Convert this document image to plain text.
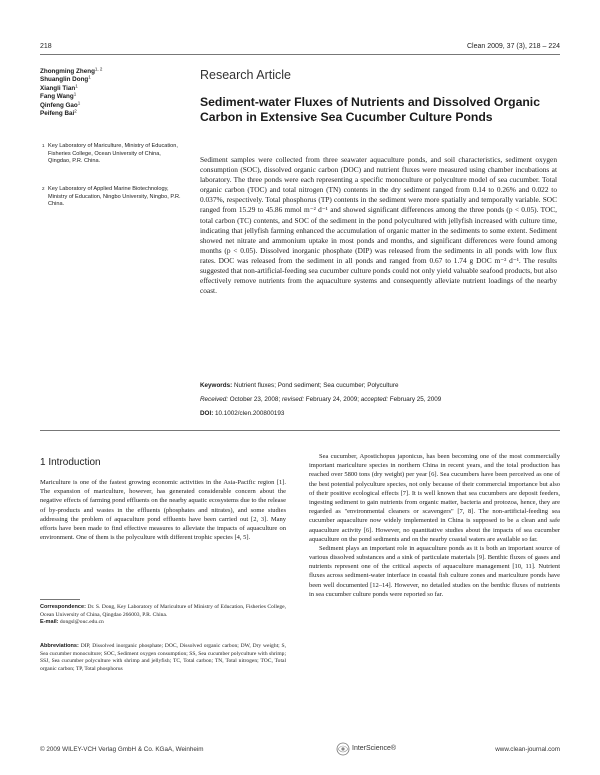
218	Clean 2009, 37 (3), 218 – 224
Zhongming Zheng$^{1, 2}$
Shuanglin Dong$^1$
Xiangli Tian$^1$
Fang Wang$^1$
Qinfeng Gao$^1$
Peifeng Bai$^2$
1 Key Laboratory of Mariculture, Ministry of Education, Fisheries College, Ocean University of China, Qingdao, P.R. China.
2 Key Laboratory of Applied Marine Biotechnology, Ministry of Education, Ningbo University, Ningbo, P.R. China.
Research Article
Sediment-water Fluxes of Nutrients and Dissolved Organic Carbon in Extensive Sea Cucumber Culture Ponds
Sediment samples were collected from three seawater aquaculture ponds, and soil characteristics, sediment oxygen consumption (SOC), dissolved organic carbon (DOC) and nutrient fluxes were measured using chamber incubations at laboratory. The three ponds were each representing a specific monoculture or polyculture model of sea cucumber. Total organic carbon (TOC) and total nitrogen (TN) contents in the dry sediment ranged from 0.14 to 0.26% and 0.022 to 0.037%, respectively. Total phosphorus (TP) contents in the sediment were more spatially and temporally variable. SOC ranged from 15.29 to 45.86 mmol m⁻² d⁻¹ and showed significant differences among the three ponds (p < 0.05). TOC, total carbon (TC) contents, and SOC of the sediment in the pond polycultured with jellyfish increased with culture time, indicating that jellyfish farming enhanced the accumulation of organic matter in the sediments to some extent. Sediment showed net nitrate and ammonium uptake in most ponds and months, and significant differences were found among months (p < 0.05). Dissolved inorganic phosphate (DIP) was released from the sediments in all ponds with low flux rates. DOC was released from the sediment in all ponds and ranged from 0.67 to 1.74 g DOC m⁻² d⁻¹. The results suggested that non-artificial-feeding sea cucumber culture ponds could not only yield valuable seafood products, but also effectively remove nutrients from the aquaculture systems and consequently alleviate nutrient loadings of the nearby coast.
Keywords: Nutrient fluxes; Pond sediment; Sea cucumber; Polyculture
Received: October 23, 2008; revised: February 24, 2009; accepted: February 25, 2009
DOI: 10.1002/clen.200800193
1 Introduction

Mariculture is one of the fastest growing economic activities in the Asia-Pacific region [1]. The expansion of mariculture, however, has generated considerable concern about the negative effects of farming pond effluents on the nearby aquatic ecosystems due to the release of by-products and wastes in the effluents (phosphates and nitrates), and some studies addressing the problem of aquaculture pond effluents have been carried out [2, 3]. Many efforts have been made to find effective measures to alleviate the impacts of aquaculture on environment. One of them is the polyculture with different trophic species [4, 5].

Correspondence: Dr. S. Dong, Key Laboratory of Mariculture of Ministry of Education, Fisheries College, Ocean University of China, Qingdao 266003, P.R. China.
E-mail: dongsl@ouc.edu.cn
Abbreviations: DIP, Dissolved inorganic phosphate; DOC, Dissolved organic carbon; DW, Dry weight; S, Sea cucumber monoculture; SOC, Sediment oxygen consumption; SS, Sea cucumber polyculture with shrimp; SSJ, Sea cucumber polyculture with shrimp and jellyfish; TC, Total carbon; TN, Total nitrogen; TOC, Total organic carbon; TP, Total phosphorus

Sea cucumber, Apostichopus japonicus, has been becoming one of the most commercially important mariculture species in northern China in recent years, and the total production has reached over 5800 tons (dry weight) per year [6]. Sea cucumbers have been perceived as one of the best potential polyculture species, not only because of their commercial importance but also of their positive ecological effects [7]. It is well known that sea cucumbers are deposit feeders, ingesting sediment to gain nutrients from organic matter, bacteria and protozoa, hence, they are regarded as "environmental cleaners or scavengers" [7, 8]. The non-artificial-feeding sea cucumber aquaculture now widely implemented in China is supposed to be a clean and safe aquaculture activity [6]. However, no quantitative studies about the impacts of sea cucumber aquaculture on the pond sediments and on the nearby coastal waters are available so far.

Sediment plays an important role in aquaculture ponds as it is both an important source of various dissolved substances and a sink of particulate materials [9]. Benthic fluxes of gases and nutrients represent one of the critical aspects of aquaculture management [10, 11]. Nutrient fluxes across sediment-water interface in coastal fish culture zones and mariculture ponds have been well documented [12–14]. However, no detailed studies on the benthic fluxes of nutrients in sea cucumber culture ponds were reported so far.

© 2009 WILEY-VCH Verlag GmbH & Co. KGaA, Weinheim	InterScience®	www.clean-journal.com
